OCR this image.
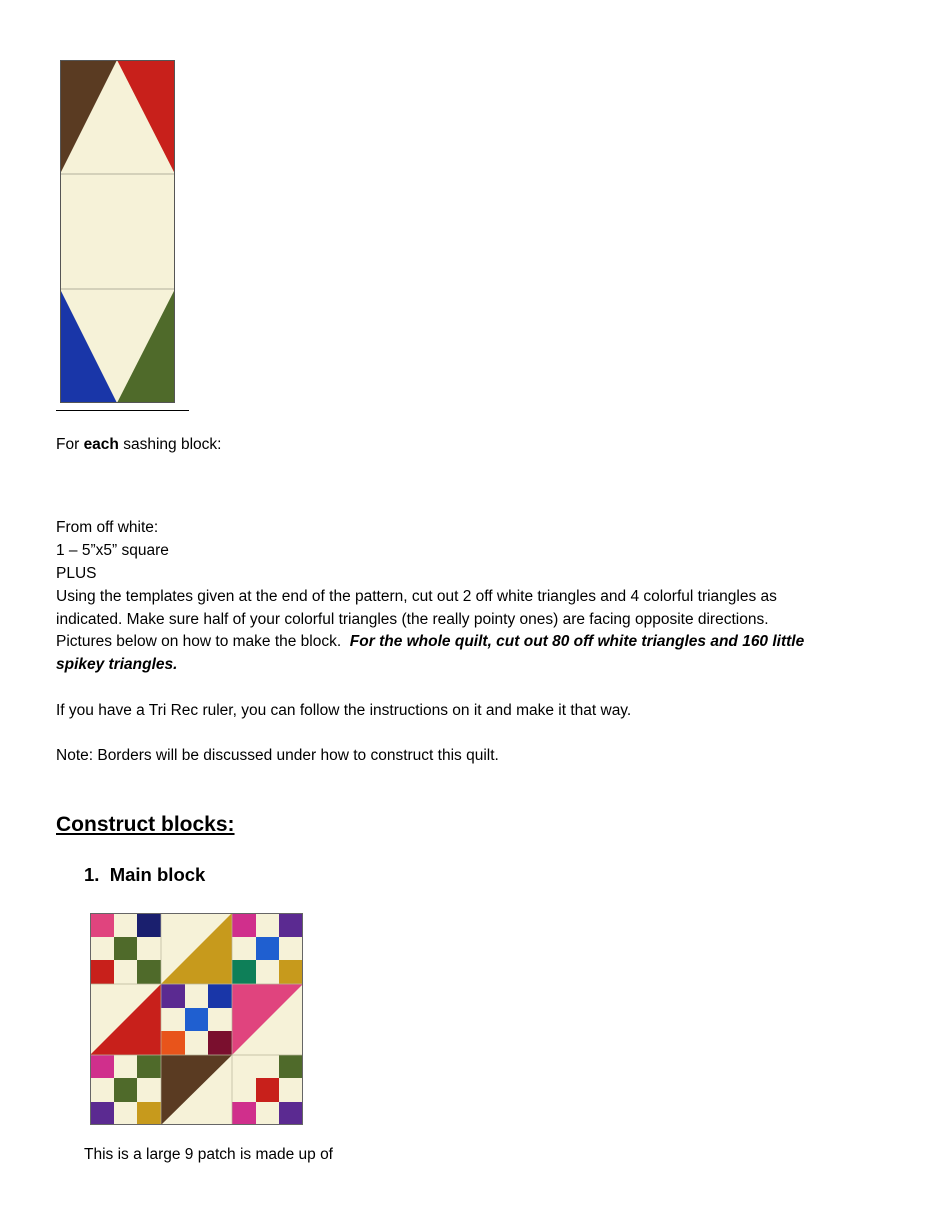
For each sashing block:

From off white:

1 – 5”x5” square

PLUS

Using the templates given at the end of the pattern, cut out 2 off white triangles and 4 colorful triangles as

indicated. Make sure half of your colorful triangles (the really pointy ones) are facing opposite directions.

Pictures below on how to make the block.  For the whole quilt, cut out 80 off white triangles and 160 little

spikey triangles.

If you have a Tri Rec ruler, you can follow the instructions on it and make it that way.

Note: Borders will be discussed under how to construct this quilt.

Construct blocks:

1. Main block

This is a large 9 patch is made up of
